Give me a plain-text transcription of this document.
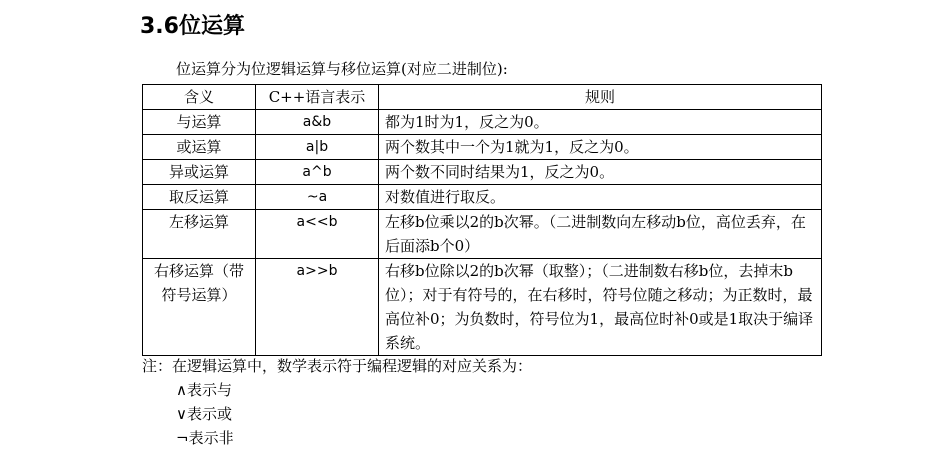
3.6位运算

位运算分为位逻辑运算与移位运算(对应二进制位):

含义	C++语言表示	规则
与运算	a&b	都为1时为1，反之为0。
或运算	a|b	两个数其中一个为1就为1，反之为0。
异或运算	a^b	两个数不同时结果为1，反之为0。
取反运算	~a	对数值进行取反。
左移运算	a<<b	左移b位乘以2的b次幂。（二进制数向左移动b位，高位丢弃，在后面添b个0）
右移运算（带符号运算）	a>>b	右移b位除以2的b次幂（取整）；（二进制数右移b位，去掉末b位）；对于有符号的，在右移时，符号位随之移动；为正数时，最高位补0；为负数时，符号位为1，最高位时补0或是1取决于编译系统。

注：在逻辑运算中，数学表示符于编程逻辑的对应关系为：

∧表示与
∨表示或
¬表示非
